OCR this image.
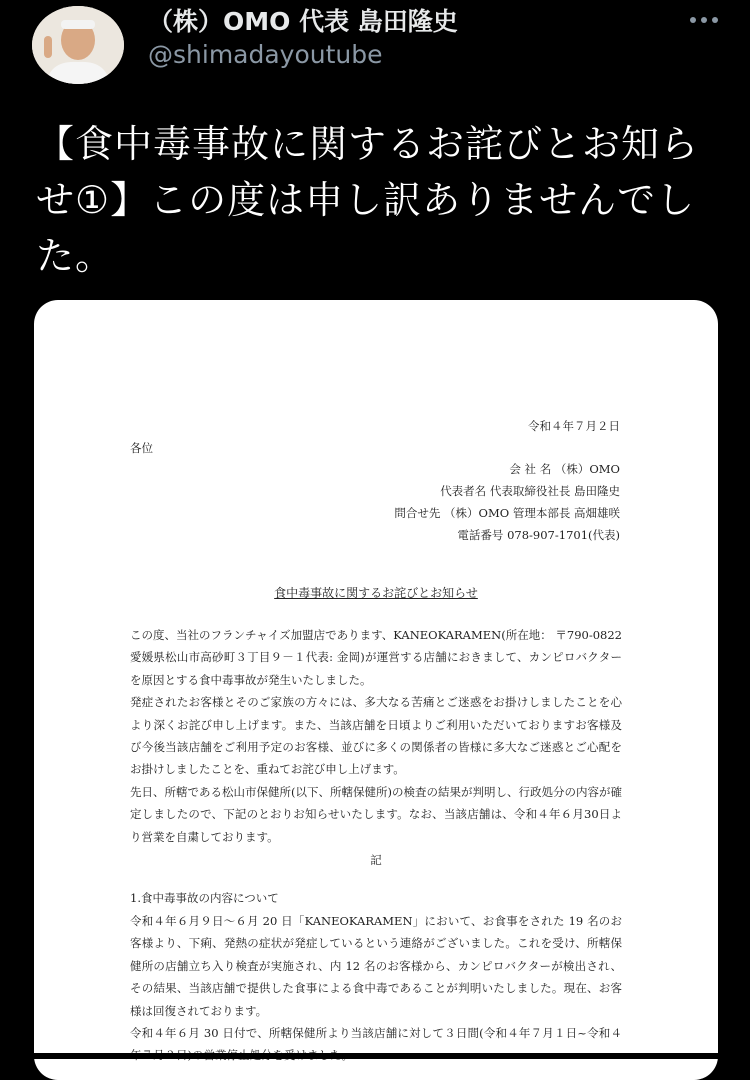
（株）OMO 代表 島田隆史
@shimadayoutube
【食中毒事故に関するお詫びとお知らせ①】この度は申し訳ありませんでした。
令和４年７月２日
各位
会 社 名 （株）OMO
代表者名 代表取締役社長 島田隆史
問合せ先 （株）OMO 管理本部長 高畑雄咲
電話番号 078-907-1701(代表)
食中毒事故に関するお詫びとお知らせ

この度、当社のフランチャイズ加盟店であります、KANEOKARAMEN(所在地： 〒790-0822 愛媛県松山市高砂町３丁目９－１代表: 金岡)が運営する店舗におきまして、カンピロバクターを原因とする食中毒事故が発生いたしました。

発症されたお客様とそのご家族の方々には、多大なる苦痛とご迷惑をお掛けしましたことを心より深くお詫び申し上げます。また、当該店舗を日頃よりご利用いただいておりますお客様及び今後当該店舗をご利用予定のお客様、並びに多くの関係者の皆様に多大なご迷惑とご心配をお掛けしましたことを、重ねてお詫び申し上げます。

先日、所轄である松山市保健所(以下、所轄保健所)の検査の結果が判明し、行政処分の内容が確定しましたので、下記のとおりお知らせいたします。なお、当該店舗は、令和４年６月30日より営業を自粛しております。

記
1.食中毒事故の内容について

令和４年６月９日～６月 20 日「KANEOKARAMEN」において、お食事をされた 19 名のお客様より、下痢、発熱の症状が発症しているという連絡がございました。これを受け、所轄保健所の店舗立ち入り検査が実施され、内 12 名のお客様から、カンピロバクターが検出され、その結果、当該店舗で提供した食事による食中毒であることが判明いたしました。現在、お客様は回復されております。

令和４年６月 30 日付で、所轄保健所より当該店舗に対して３日間(令和４年７月１日~令和４
